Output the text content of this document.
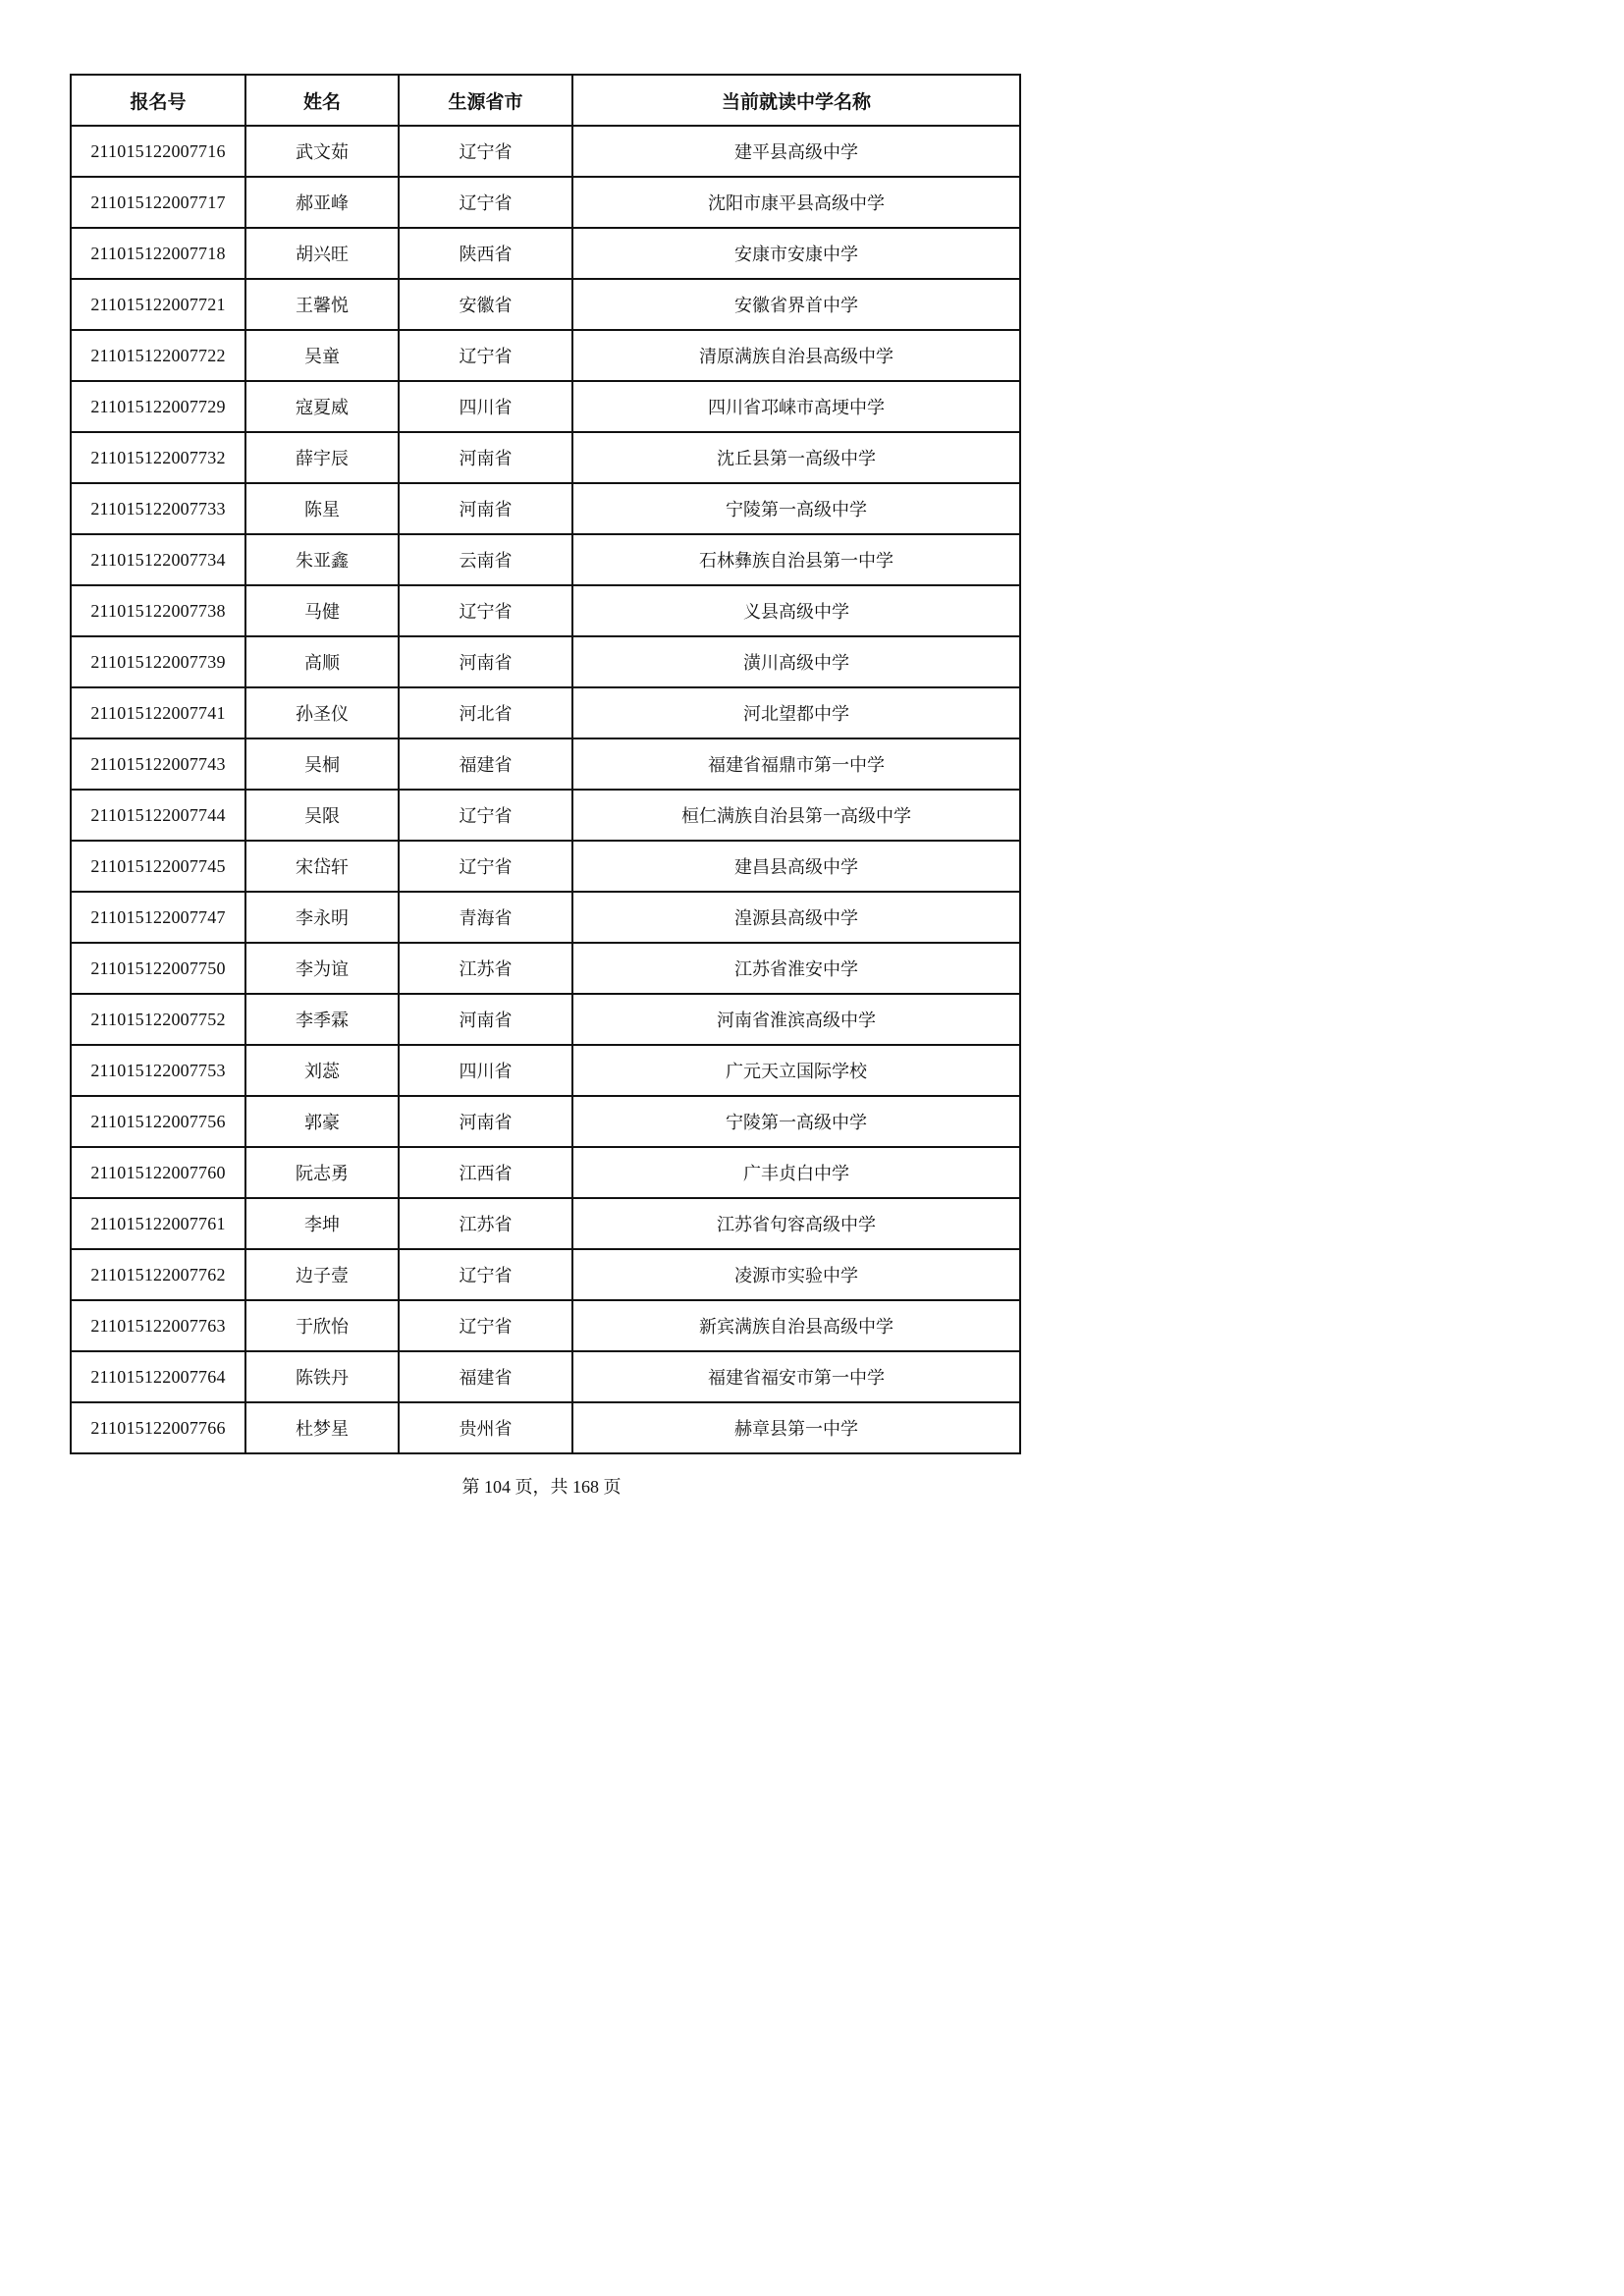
报名号	姓名	生源省市	当前就读中学名称
211015122007716	武文茹	辽宁省	建平县高级中学
211015122007717	郝亚峰	辽宁省	沈阳市康平县高级中学
211015122007718	胡兴旺	陕西省	安康市安康中学
211015122007721	王馨悦	安徽省	安徽省界首中学
211015122007722	吴童	辽宁省	清原满族自治县高级中学
211015122007729	寇夏威	四川省	四川省邛崃市高埂中学
211015122007732	薛宇辰	河南省	沈丘县第一高级中学
211015122007733	陈星	河南省	宁陵第一高级中学
211015122007734	朱亚鑫	云南省	石林彝族自治县第一中学
211015122007738	马健	辽宁省	义县高级中学
211015122007739	高顺	河南省	潢川高级中学
211015122007741	孙圣仪	河北省	河北望都中学
211015122007743	吴桐	福建省	福建省福鼎市第一中学
211015122007744	吴限	辽宁省	桓仁满族自治县第一高级中学
211015122007745	宋岱轩	辽宁省	建昌县高级中学
211015122007747	李永明	青海省	湟源县高级中学
211015122007750	李为谊	江苏省	江苏省淮安中学
211015122007752	李季霖	河南省	河南省淮滨高级中学
211015122007753	刘蕊	四川省	广元天立国际学校
211015122007756	郭豪	河南省	宁陵第一高级中学
211015122007760	阮志勇	江西省	广丰贞白中学
211015122007761	李坤	江苏省	江苏省句容高级中学
211015122007762	边子壹	辽宁省	凌源市实验中学
211015122007763	于欣怡	辽宁省	新宾满族自治县高级中学
211015122007764	陈铁丹	福建省	福建省福安市第一中学
211015122007766	杜梦星	贵州省	赫章县第一中学
第 104 页，共 168 页
